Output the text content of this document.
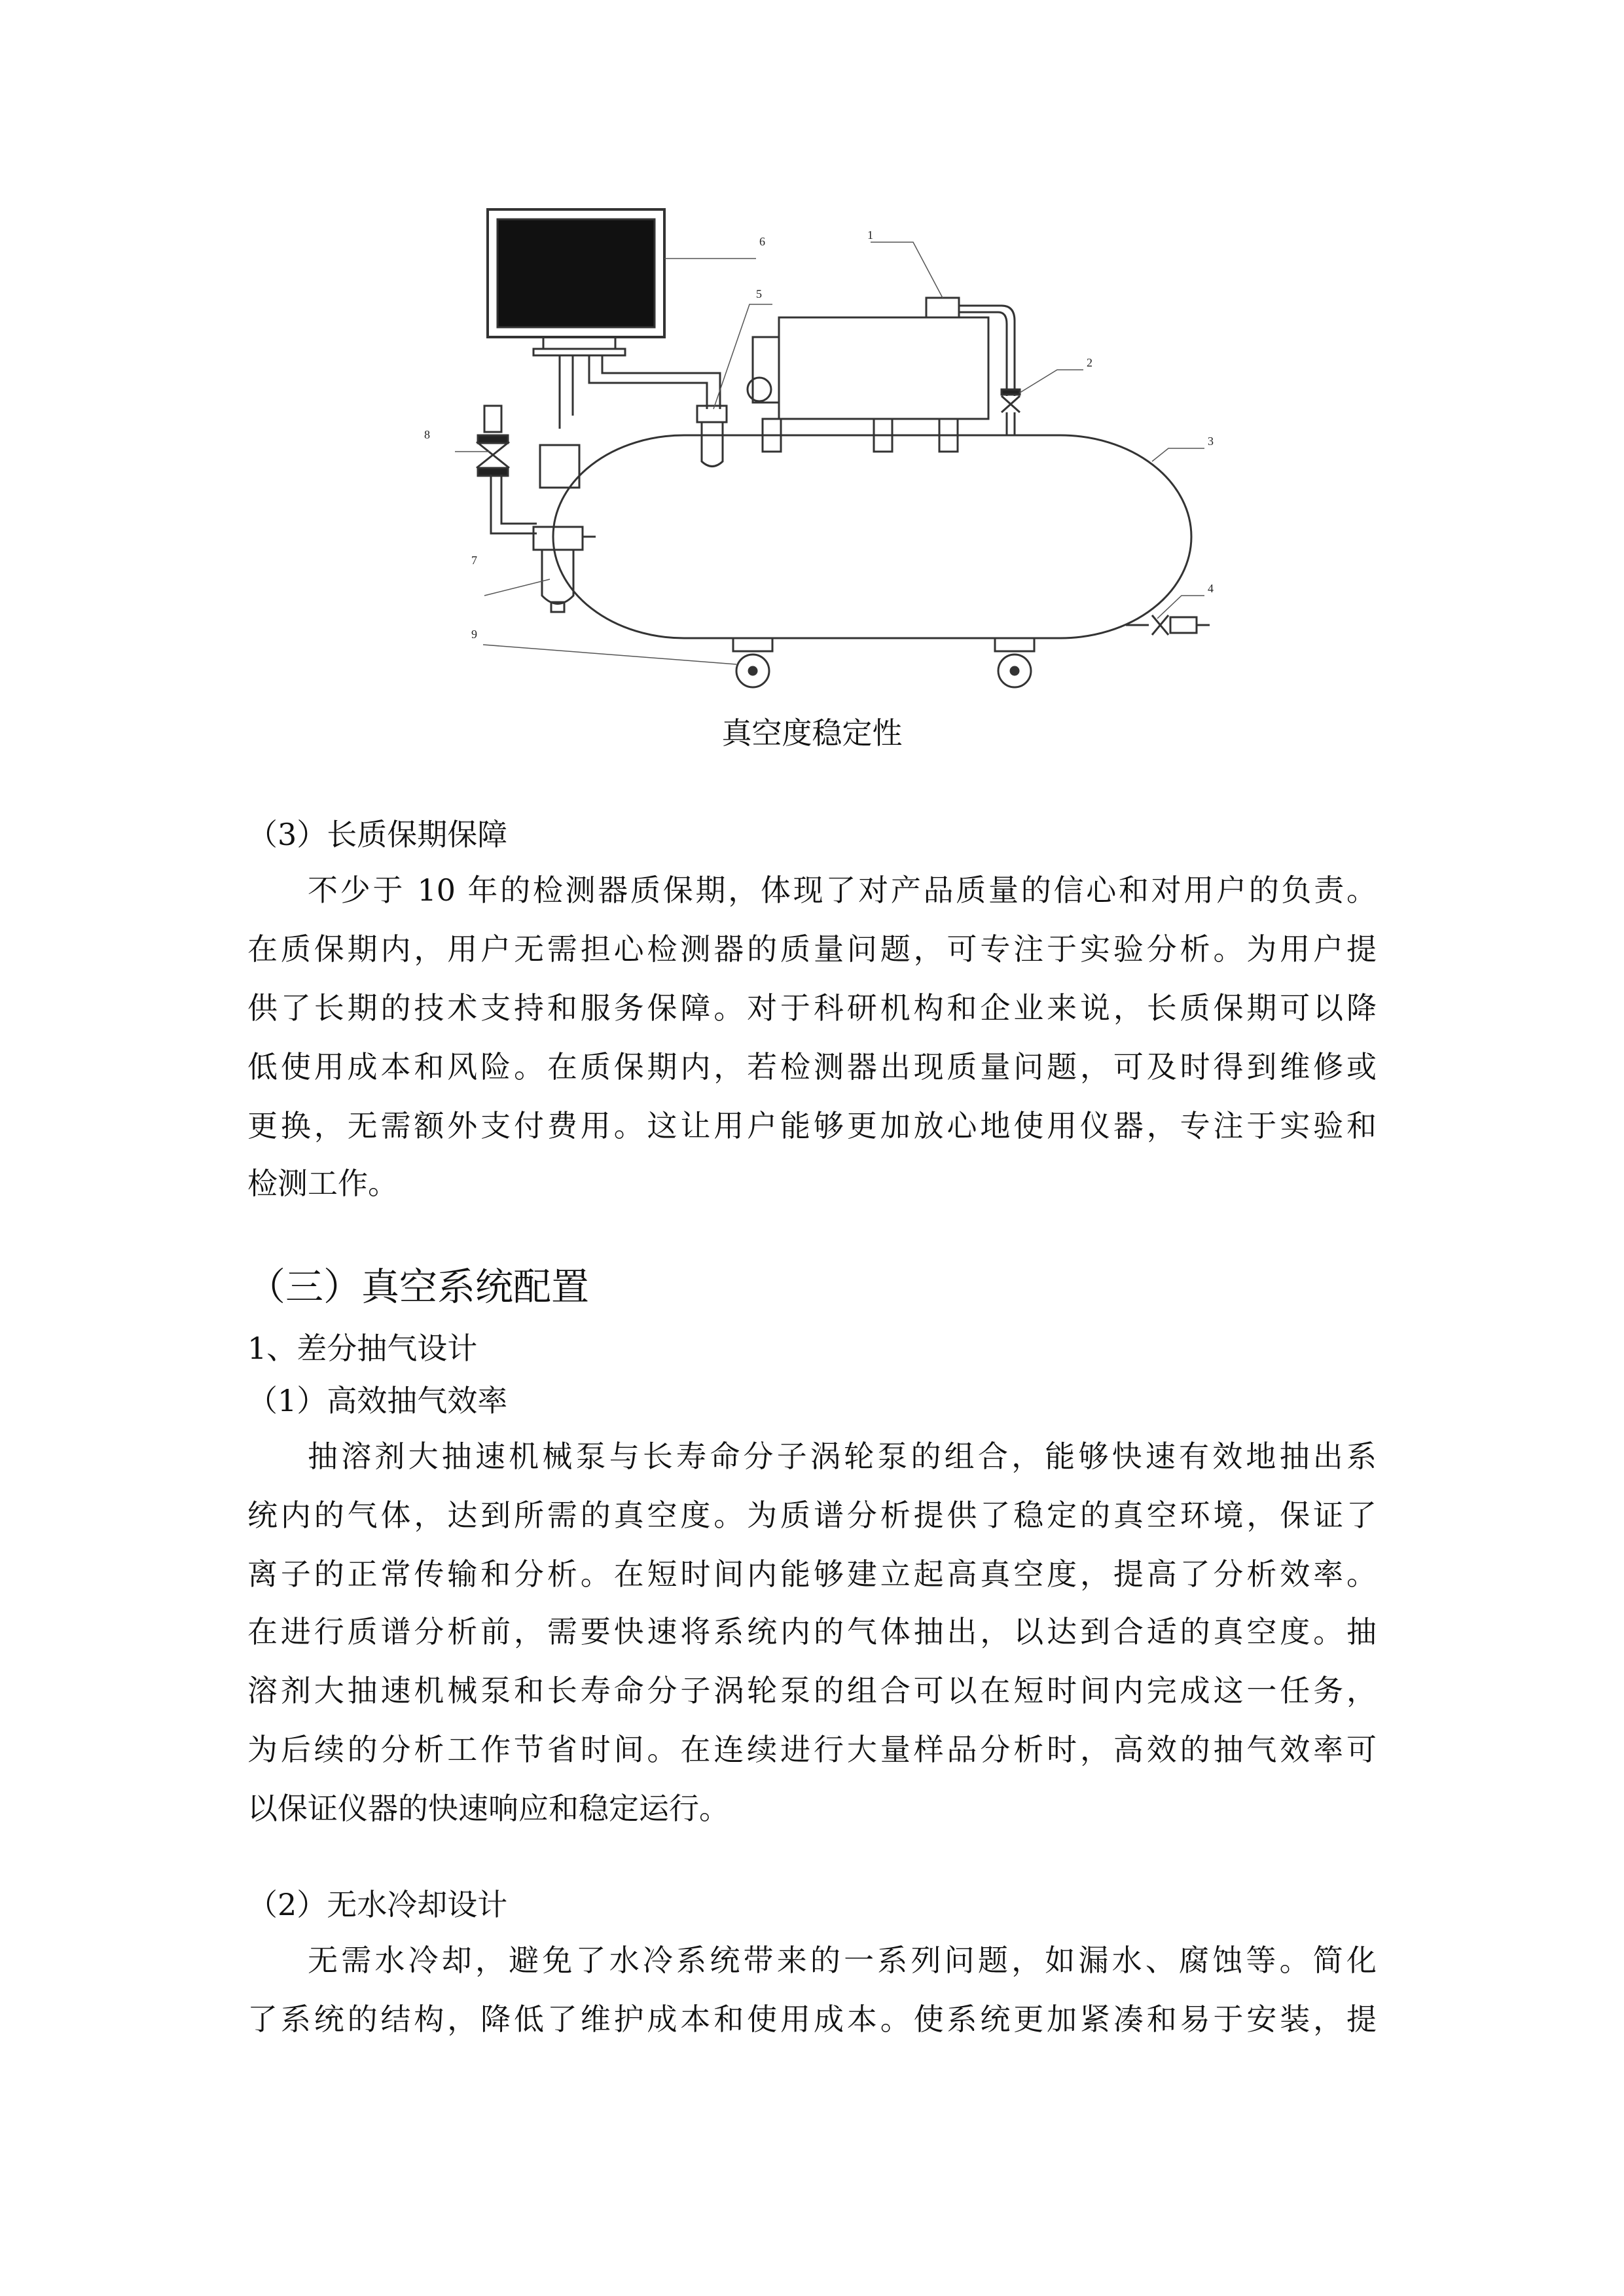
6
5
1
2
3
4
7
8
9
真空度稳定性
（3）长质保期保障
不少于 10 年的检测器质保期，体现了对产品质量的信心和对用户的负责。
在质保期内，用户无需担心检测器的质量问题，可专注于实验分析。为用户提
供了长期的技术支持和服务保障。对于科研机构和企业来说，长质保期可以降
低使用成本和风险。在质保期内，若检测器出现质量问题，可及时得到维修或
更换，无需额外支付费用。这让用户能够更加放心地使用仪器，专注于实验和
检测工作。
（三）真空系统配置
1、差分抽气设计
（1）高效抽气效率
抽溶剂大抽速机械泵与长寿命分子涡轮泵的组合，能够快速有效地抽出系
统内的气体，达到所需的真空度。为质谱分析提供了稳定的真空环境，保证了
离子的正常传输和分析。在短时间内能够建立起高真空度，提高了分析效率。
在进行质谱分析前，需要快速将系统内的气体抽出，以达到合适的真空度。抽
溶剂大抽速机械泵和长寿命分子涡轮泵的组合可以在短时间内完成这一任务，
为后续的分析工作节省时间。在连续进行大量样品分析时，高效的抽气效率可
以保证仪器的快速响应和稳定运行。
（2）无水冷却设计
无需水冷却，避免了水冷系统带来的一系列问题，如漏水、腐蚀等。简化
了系统的结构，降低了维护成本和使用成本。使系统更加紧凑和易于安装，提
